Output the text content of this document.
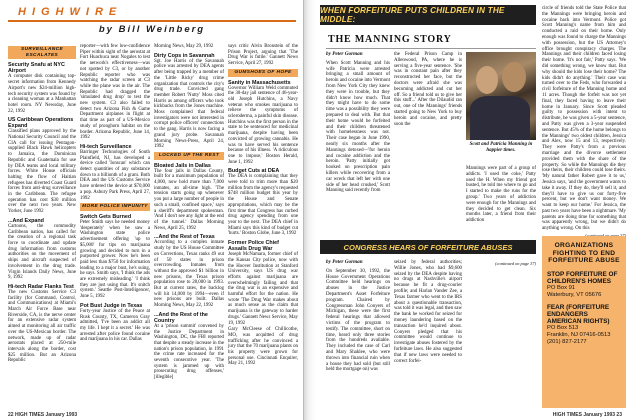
HIGHWIRE
by Bill Weinberg
SURVEILLANCE ESCALATES
Security Snafu at NYC Airport
A computer disk containing top-secret information from Kennedy Airport's new $24-million high-tech security system was found by a cleaning woman at a Manhattan hotel room. NY Newsday, June 22, 1992
US Caribbean Operations Expand
Classified plans approved by the National Security Council and the CIA call for issuing Pentagon-supplied Black Hawk helicopters to Jamaica, the Dominican Republic and Guatemala for use by DEA teams and local military forces. White House officials halting the flow of Haitian refugees has diverted Coast Guard forces from anti-drug surveillance in the Caribbean. The refugee operation has cost $30 million over the next two years. New Yorker, June 1992
...And Expand
Cartoons, the commodity Caribbean nation, has called for the creation of a regional task force to coordinate and update drug information from customs authorities on the movement of ships and aircraft suspected of involvement in the drug trade. Virgin Islands Daily News, June 9, 1992
Hi-tech Radar Flanks Test
The new Customs Service C3 facility (for Command, Control, and Communications) at Miami's March Air Force Base near Riverside, CA, is the nerve center for an extensive radar system aimed at monitoring all air traffic over the US-Mexican border. The network, made up of radar aerostats placed at 250-mile intervals along the border, cost $25 million. But an Arizona Republic
reporter—with few low-confidence Piper within sight of the aerostat at Fort Huachuca near Nogales to test the network's effectiveness—was not spotted by C3, or by another Republic reporter who was watching the radar screen at C3 while the plane was in the air. The Republic had dragged the 'simulated drug drop' to test the new system. C3 also failed to detect two Arizona Fish & Game Department airplanes in flight at that time as part of a US-Mexico study of pronghorn habitat on the border. Arizona Republic, June 14, 1992
Hi-tech Surveillance
Barringer Technologies of South Plainfield, NJ, has developed a device called 'Ionscan' which can detect quantities of any substance down to a billionth of a gram. Both DEA and the US Customs Service have ordered the device at $70,000 a pop. Asbury Park Press, April 27, 1992
MORE POLICE IMPUNITY
Switch Gets Burned
Peter Smith says he needed money 'desperately' when he saw a Washington state police advertisement offering 'up to $5,000' for tips on marijuana growing and decided to turn in a purported grower. Now he's been paid less than $750 for information leading to a major bust, he's suing, he says. Smith says, 'I think the ads are extremely misleading.' 'I think they are just using that. It's snitch system.' Seattle Post-Intelligencer, June 5, 1992
Pot Bust Judge in Texas
Forty-year Justice of the Peace at Rusk County, TX, Cameron Gray admitted, 'I've been an addict all my life. I kept it a secret.' He was arrested after police found cocaine and marijuana in his car. Dallas
Morning News, May 29, 1992
Dirty Cops in Savannah
Sgt. Joe Harris of the Savannah police was arrested by DEA agents after being trapped by a member of the 'Little Ricky' drug crime organization that controls the city's drug trade. Convicted gang member Robert 'Nutty' Moss cited Harris as among officers who took kickbacks from the Jones machine. Moss complained that federal investigators were not interested in corrupt police officers' connections to the gang. Harris is now facing a grand jury probe. Savannah Morning News-Press, April 24, 1992
LOCKED UP THE REST
Bloated Jails in Dallas
The four jails in Dallas County, built for a maximum population of 4,000, now hold more than 7,000 inmates, an all-time high. 'The tension starts going up whenever you put a large number of people in such a small, confined space,' says a sheriff's department spokesman. 'And I don't see any light at the end of the tunnel.' Dallas Morning News, April 25, 1992
...And the Rest of Texas
According to a complex inmate study by the US House Committee on Corrections, Texas ranks 49 out of 50 states in prison overcrowding. Inmates from without the approved $1 billion in new prisons, the Texas prison population rose to 28,000 in 1993. But at current rates, the backlog will hit 14,000 by 1994—even if new prisons are built. Dallas Morning News, May 22, 1992
...And the Rest of the Country
At a 'prison summit' convened by the Justice Department in Washington, DC, the FBI reported that despite a steady increase in the nation's prison population, in 1991 the crime rate increased for the seventh consecutive year. 'The system is jammed up with prosecuting drug offenses,' [illegible]
says critic Alvin Bronstein of the Prison Project, arguing that 'The Drug War is futile.' Gannett News Service, April 27, 1992
GUMSHOES OF HOPE
Sanity in Massachusetts
Governor William Weld commuted the 30-day jail sentence of 46-year-old Joseph Hutchins, a Navy veteran who smokes marijuana to relieve the symptoms of scleroderma, a painful skin disease. Hutchins was the first person in the state to be sentenced for medicinal marijuana, despite having been convicted of growing cannabis. He was to have served his sentence because of his illness. 'A ridiculous one to impose,' Boston Herald, June 1, 1992
Budget Cuts at DEA
The DEA is complaining that they were told to trim more than $20 million from the agency's requested $748 million budget this year by the House and Senate appropriations, which may be the first time that Congress has curbed drug agency spending from one year to the next. The DEA chief in Miami says this kind of budget cut 'hurts.' Boston Globe, June 3, 1992
Former Police Chief Assails Drug War
Joseph McNamara, former chief of the Kansas City police, now with the Hoover Institution at Stanford University, says US drug war efforts against marijuana are overwhelmingly failing and that the drug war is an expensive and harmful effort for the nation. He wrote 'The Drug War makes about as much sense as the claim that marijuana is the gateway to harder drugs.' Gannett News Service, May 19, 1992
Gary McCleese of Chillicothe, MO, was acquitted of drug trafficking after he convinced a jury that the 70 marijuana plants on his property were grown for personal use. Cincinnati Enquirer, May 21, 1992
22 HIGH TIMES January 1993
WHEN FORFEITURE PUTS CHILDREN IN THE MIDDLE:
THE MANNING STORY
by Peter Gorman
When Scott Manning and his wife Patricia were arrested bringing a small amount of heroin and cocaine into Vermont from New York City they knew they were in trouble, but they didn't know how much. That they might have to do some time was a possibility they were prepared to deal with. But that their home would be forfeited and their children threatened with homelessness was not. Their case began in June 1990, nearly six months after the Mannings detoxed—'for heroin and cocaine addiction and the heroin. 'Patty initially got hooked on prescription pain killers while recovering from a car wreck that left her with one side of her head crushed,' Scott Manning said recently from
the Federal Prison Camp in Allenwood, PA, where he is serving a five-year sentence. 'She was in constant pain after they reconstructed her face, but the doctors were afraid she was becoming addicted and cut her off. So a friend told us to give her this stuff...' After the Dilaudid ran out, one of the Mannings' friends started going to New York to buy heroin and cocaine, and pretty soon the
Scott and Patricia Manning in happier times.
Mannings were part of a group of addicts. 'I used the coke,' Patty used the H. When my friend got busted, he told me where to go and I started to make the runs for the group.' Two years of addiction were enough for the Mannings and they decided to get clean. Six months later, a friend from their addiction
circle of friends told the State Police that the Mannings were bringing heroin and cocaine back into Vermont. Police got Scott Manning's name from him and conducted a raid on their home. Only enough was found to charge the Mannings with possession, but the US Attorney's office brought conspiracy charges. The Mannings and their children faced losing their home. 'It's not fair,' Patty says. 'We did something wrong, we know that. But why should the kids lose their home? The kids didn't do anything.' Their case was turned over to the Feds, who forwarded a civil forfeiture of the Manning home and 11 acres. Though the forfeit was not yet final, they faced having to leave their home in January. Since Scott pleaded guilty to possession with intent to distribute, he was given a 5-year sentence, and Patty was given a 3-year suspended sentence. But 45% of the home belongs to the Mannings' two oldest children, Jessica and Alex, now 15 and 13, respectively. They were Patty's from a previous marriage and the divorce settlement provided them with the share of the property. So while the Mannings die they lose theirs, their children could lose theirs. 'My natural father Robert gave it to us,' Jessica says, 'and the government wants to take it away. If they do, they'll sell it, and they'll have to give us our forty-five percent, but we don't want money. We want to keep our home.' For Jessica, the past two years have been a nightmare. 'My parents are doing time for something that was apparently wrong, but we didn't do anything wrong. On this
CONGRESS HEARS OF FORFEITURE ABUSES
by Peter Gorman
On September 30, 1992, the House Government Operations Committee held hearings on abuses in the Justice Department's Asset Forfeiture program. Chaired by Congressman John Conyers of Michigan, these were the first federal hearings that allowed victims of the program to testify. The committee, short on time, heard only three stories from the hundreds available. They included the case of Carl and Mary Shaklee, who were thrown into financial ruin when a house they had sold (but still held the mortgage on) was
seized by federal authorities; Willie Jones, who had $9,600 seized by the DEA despite having no drugs at Nashville's airport because he fit a drug-courier profile; and Harlan Vander Zee, a Texas farmer who went to the IRS about a questionable transaction, was told it was legal, and then saw the bank he worked for seized for money laundering based on the transaction he'd inquired about. Conyers pledged that his committee would continue to investigate abuses fostered by the forfeiture laws. He also suggested that if new laws were needed to correct forfei-
(continued on page 37)
ORGANIZATIONS FIGHTING TO END FORFEITURE ABUSE
STOP FORFEITURE OF CHILDREN'S HOMES
PO Box 91
Waterbury, VT 05676
FEAR (FORFEITURE ENDANGERS AMERICAN RIGHTS)
PO Box 513
Franklin, NJ 07416-0513
(201) 827-2177
HIGH TIMES January 1993 23
